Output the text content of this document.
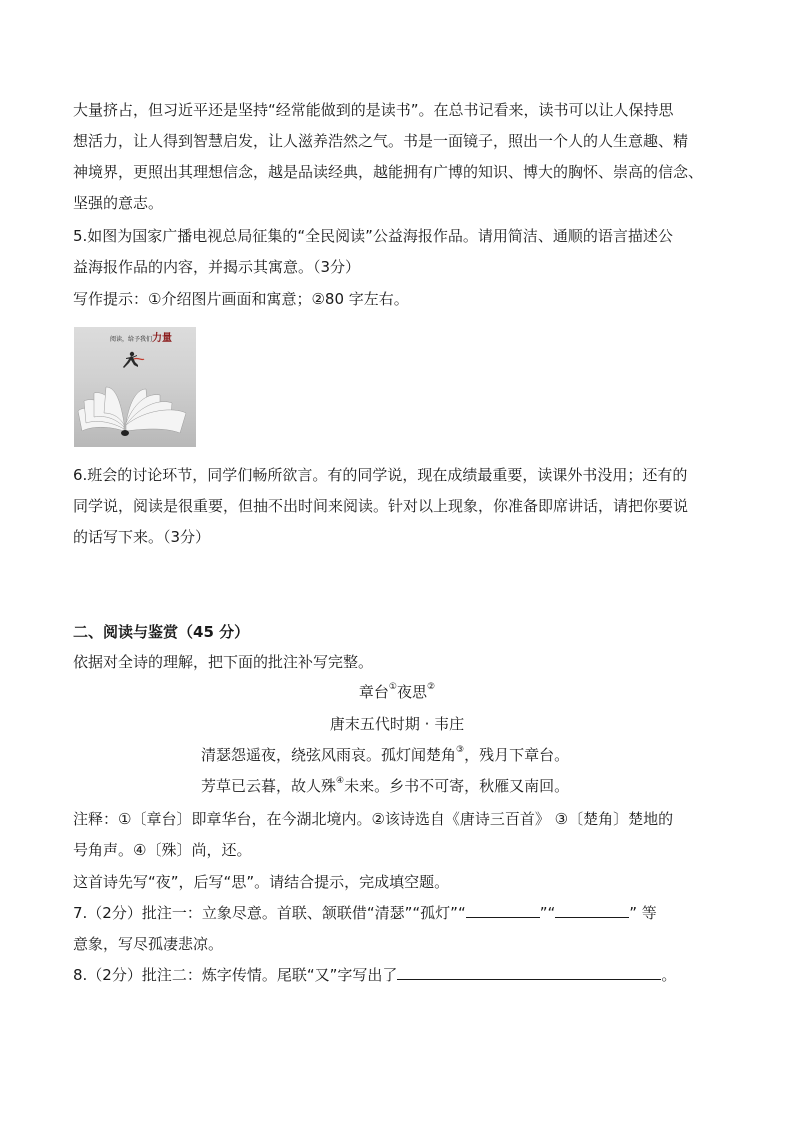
大量挤占，但习近平还是坚持“经常能做到的是读书”。在总书记看来，读书可以让人保持思
想活力，让人得到智慧启发，让人滋养浩然之气。书是一面镜子，照出一个人的人生意趣、精
神境界，更照出其理想信念，越是品读经典，越能拥有广博的知识、博大的胸怀、崇高的信念、
坚强的意志。
5.如图为国家广播电视总局征集的“全民阅读”公益海报作品。请用简洁、通顺的语言描述公
益海报作品的内容，并揭示其寓意。（3分）
写作提示：①介绍图片画面和寓意；②80 字左右。
阅读，给予我们力量
6.班会的讨论环节，同学们畅所欲言。有的同学说，现在成绩最重要，读课外书没用；还有的
同学说，阅读是很重要，但抽不出时间来阅读。针对以上现象，你准备即席讲话，请把你要说
的话写下来。（3分）
二、阅读与鉴赏（45 分）
依据对全诗的理解，把下面的批注补写完整。
章台①夜思②
唐末五代时期 · 韦庄
清瑟怨遥夜，绕弦风雨哀。孤灯闻楚角③，残月下章台。
芳草已云暮，故人殊④未来。乡书不可寄，秋雁又南回。
注释：①〔章台〕即章华台，在今湖北境内。②该诗选自《唐诗三百首》 ③〔楚角〕楚地的
号角声。④〔殊〕尚，还。
这首诗先写“夜”，后写“思”。请结合提示，完成填空题。
7.（2分）批注一：立象尽意。首联、颔联借“清瑟”“孤灯”“	”“	” 等
意象，写尽孤凄悲凉。
8.（2分）批注二：炼字传情。尾联“又”字写出了	。
